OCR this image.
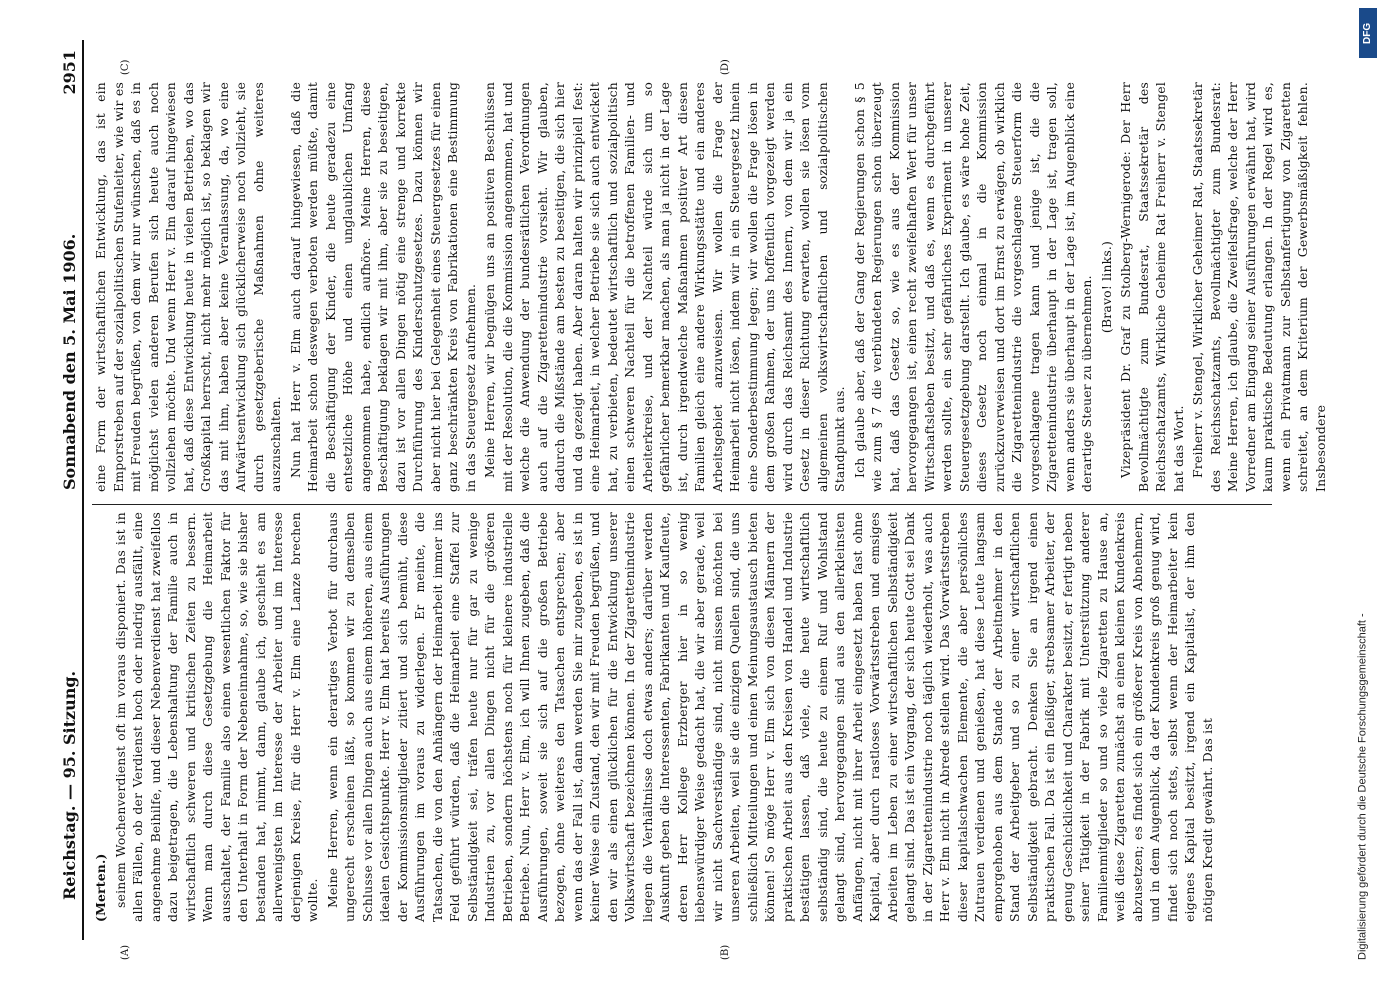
Reichstag. — 95. Sitzung.
Sonnabend den 5. Mai 1906.
2951
(A)	(B)
(C)	(D)

(Merten.) seinem Wochenverdienst oft im voraus disponiert. Das ist in allen Fällen, ob der Verdienst hoch oder niedrig ausfällt, eine angenehme Beihilfe, und dieser Nebenverdienst hat zweifellos dazu beigetragen, die Lebenshaltung der Familie auch in wirtschaftlich schweren und kritischen Zeiten zu bessern. Wenn man durch diese Gesetzgebung die Heimarbeit ausschaltet, der Familie also einen wesentlichen Faktor für den Unterhalt in Form der Nebeneinnahme, so, wie sie bisher bestanden hat, nimmt, dann, glaube ich, geschieht es am allerwenigsten im Interesse der Arbeiter und im Interesse derjenigen Kreise, für die Herr v. Elm eine Lanze brechen wollte. Meine Herren, wenn ein derartiges Verbot für durchaus ungerecht erscheinen läßt, so kommen wir zu demselben Schlusse vor allen Dingen auch aus einem höheren, aus einem idealen Gesichtspunkte. Herr v. Elm hat bereits Ausführungen der Kommissionsmitglieder zitiert und sich bemüht, diese Ausführungen im voraus zu widerlegen. Er meinte, die Tatsachen, die von den Anhängern der Heimarbeit immer ins Feld geführt würden, daß die Heimarbeit eine Staffel zur Selbständigkeit sei, träfen heute nur für gar zu wenige Industrien zu, vor allen Dingen nicht für die größeren Betrieben, sondern höchstens noch für kleinere industrielle Betriebe. Nun, Herr v. Elm, ich will Ihnen zugeben, daß die Ausführungen, soweit sie sich auf die großen Betriebe bezogen, ohne weiteres den Tatsachen entsprechen; aber wenn das der Fall ist, dann werden Sie mir zugeben, es ist in keiner Weise ein Zustand, den wir mit Freuden begrüßen, und den wir als einen glücklichen für die Entwicklung unserer Volkswirtschaft bezeichnen können. In der Zigarettenindustrie liegen die Verhältnisse doch etwas anders; darüber werden Auskunft geben die Interessenten, Fabrikanten und Kaufleute, deren Herr Kollege Erzberger hier in so wenig liebenswürdiger Weise gedacht hat, die wir aber gerade, weil wir nicht Sachverständige sind, nicht missen möchten bei unseren Arbeiten, weil sie die einzigen Quellen sind, die uns schließlich Mitteilungen und einen Meinungsaustausch bieten können! So möge Herr v. Elm sich von diesen Männern der praktischen Arbeit aus den Kreisen von Handel und Industrie bestätigen lassen, daß viele, die heute wirtschaftlich selbständig sind, die heute zu einem Ruf und Wohlstand gelangt sind, hervorgegangen sind aus den allerkleinsten Anfängen, nicht mit ihrer Arbeit eingesetzt haben fast ohne Kapital, aber durch rastloses Vorwärtsstreben und emsiges Arbeiten im Leben zu einer wirtschaftlichen Selbständigkeit gelangt sind. Das ist ein Vorgang, der sich heute Gott sei Dank in der Zigarettenindustrie noch täglich wiederholt, was auch Herr v. Elm nicht in Abrede stellen wird. Das Vorwärtsstreben dieser kapitalschwachen Elemente, die aber persönliches Zutrauen verdienen und genießen, hat diese Leute langsam emporgehoben aus dem Stande der Arbeitnehmer in den Stand der Arbeitgeber und so zu einer wirtschaftlichen Selbständigkeit gebracht. Denken Sie an irgend einen praktischen Fall. Da ist ein fleißiger, strebsamer Arbeiter, der genug Geschicklichkeit und Charakter besitzt, er fertigt neben seiner Tätigkeit in der Fabrik mit Unterstützung anderer Familienmitglieder so und so viele Zigaretten zu Hause an, weiß diese Zigaretten zunächst an einen kleinen Kundenkreis abzusetzen; es findet sich ein größerer Kreis von Abnehmern, und in dem Augenblick, da der Kundenkreis groß genug wird, findet sich noch stets, selbst wenn der Heimarbeiter kein eigenes Kapital besitzt, irgend ein Kapitalist, der ihm den nötigen Kredit gewährt. Das ist

eine Form der wirtschaftlichen Entwicklung, das ist ein Emporstreben auf der sozialpolitischen Stufenleiter, wie wir es mit Freuden begrüßen, von dem wir nur wünschen, daß es in möglichst vielen anderen Berufen sich heute auch noch vollziehen möchte. Und wenn Herr v. Elm darauf hingewiesen hat, daß diese Entwicklung heute in vielen Betrieben, wo das Großkapital herrscht, nicht mehr möglich ist, so beklagen wir das mit ihm, haben aber keine Veranlassung, da, wo eine Aufwärtsentwicklung sich glücklicherweise noch vollzieht, sie durch gesetzgeberische Maßnahmen ohne weiteres auszuschalten. Nun hat Herr v. Elm auch darauf hingewiesen, daß die Heimarbeit schon deswegen verboten werden müßte, damit die Beschäftigung der Kinder, die heute geradezu eine entsetzliche Höhe und einen unglaublichen Umfang angenommen habe, endlich aufhöre. Meine Herren, diese Beschäftigung beklagen wir mit ihm, aber sie zu beseitigen, dazu ist vor allen Dingen nötig eine strenge und korrekte Durchführung des Kinderschutzgesetzes. Dazu können wir aber nicht hier bei Gelegenheit eines Steuergesetzes für einen ganz beschränkten Kreis von Fabrikationen eine Bestimmung in das Steuergesetz aufnehmen. Meine Herren, wir begnügen uns an positiven Beschlüssen mit der Resolution, die die Kommission angenommen, hat und welche die Anwendung der bundesrätlichen Verordnungen auch auf die Zigarettenindustrie vorsieht. Wir glauben, dadurch die Mißstände am besten zu beseitigen, die sich hier und da gezeigt haben. Aber daran halten wir prinzipiell fest: eine Heimarbeit, in welcher Betriebe sie sich auch entwickelt hat, zu verbieten, bedeutet wirtschaftlich und sozialpolitisch einen schweren Nachteil für die betroffenen Familien- und Arbeiterkreise, und der Nachteil würde sich um so gefährlicher bemerkbar machen, als man ja nicht in der Lage ist, durch irgendwelche Maßnahmen positiver Art diesen Familien gleich eine andere Wirkungsstätte und ein anderes Arbeitsgebiet anzuweisen. Wir wollen die Frage der Heimarbeit nicht lösen, indem wir in ein Steuergesetz hinein eine Sonderbestimmung legen; wir wollen die Frage lösen in dem großen Rahmen, der uns hoffentlich vorgezeigt werden wird durch das Reichsamt des Innern, von dem wir ja ein Gesetz in dieser Richtung erwarten, wollen sie lösen vom allgemeinen volkswirtschaftlichen und sozialpolitischen Standpunkt aus. Ich glaube aber, daß der Gang der Regierungen schon § 5 wie zum § 7 die verbündeten Regierungen schon überzeugt hat, daß das Gesetz so, wie es aus der Kommission hervorgegangen ist, einen recht zweifelhaften Wert für unser Wirtschaftsleben besitzt, und daß es, wenn es durchgeführt werden sollte, ein sehr gefährliches Experiment in unserer Steuergesetzgebung darstellt. Ich glaube, es wäre hohe Zeit, dieses Gesetz noch einmal in die Kommission zurückzuverweisen und dort im Ernst zu erwägen, ob wirklich die Zigarettenindustrie die vorgeschlagene Steuerform die vorgeschlagene tragen kann und jenige ist, die die Zigarettenindustrie überhaupt in der Lage ist, tragen soll, wenn anders sie überhaupt in der Lage ist, im Augenblick eine derartige Steuer zu übernehmen. (Bravo! links.) Vizepräsident Dr. Graf zu Stolberg-Wernigerode: Der Herr Bevollmächtigte zum Bundesrat, Staatssekretär des Reichsschatzamts, Wirkliche Geheime Rat Freiherr v. Stengel hat das Wort. Freiherr v. Stengel, Wirklicher Geheimer Rat, Staatssekretär des Reichsschatzamts, Bevollmächtigter zum Bundesrat: Meine Herren, ich glaube, die Zweifelsfrage, welche der Herr Vorredner am Eingang seiner Ausführungen erwähnt hat, wird kaum praktische Bedeutung erlangen. In der Regel wird es, wenn ein Privatmann zur Selbstanfertigung von Zigaretten schreitet, an dem Kriterium der Gewerbsmäßigkeit fehlen. Insbesondere

DFG
Digitalisierung gefördert durch die Deutsche Forschungsgemeinschaft -
